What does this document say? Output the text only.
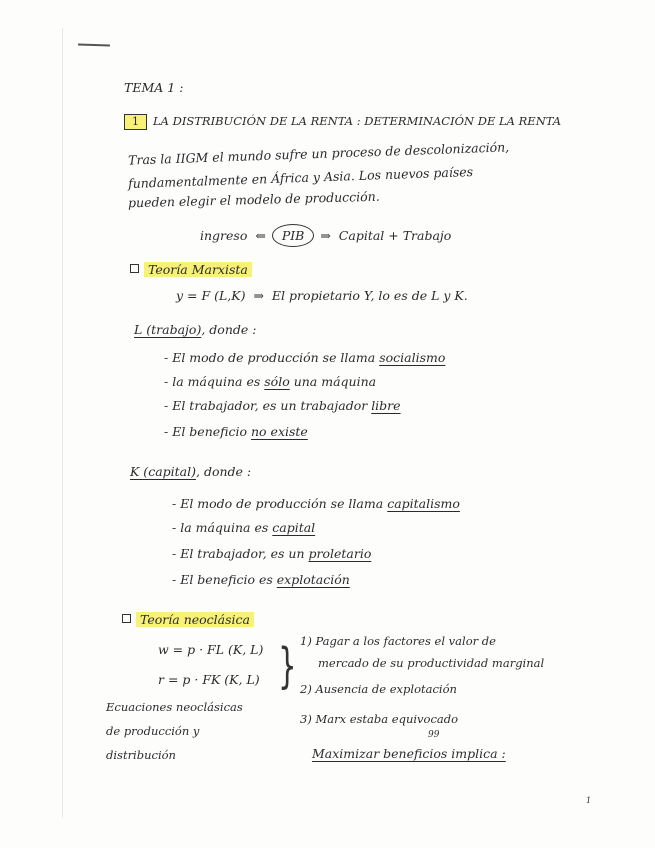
TEMA 1 :
1 LA DISTRIBUCIÓN DE LA RENTA : DETERMINACIÓN DE LA RENTA
Tras la IIGM el mundo sufre un proceso de descolonización,
fundamentalmente en África y Asia. Los nuevos países
pueden elegir el modelo de producción.
ingreso  ⇐ PIB ⇒  Capital + Trabajo
Teoría Marxista
y = F (L,K)  ⇒  El propietario Y, lo es de L y K.
L (trabajo), donde :
- El modo de producción se llama socialismo
- la máquina es sólo una máquina
- El trabajador, es un trabajador libre
- El beneficio no existe
K (capital), donde :
- El modo de producción se llama capitalismo
- la máquina es capital
- El trabajador, es un proletario
- El beneficio es explotación
Teoría neoclásica
w = p · FL (K, L)
r = p · FK (K, L) } 1) Pagar a los factores el valor de
mercado de su productividad marginal
2) Ausencia de explotación
3) Marx estaba equivocado
99
Ecuaciones neoclásicas
de producción y
distribución	Maximizar beneficios implica :
1
